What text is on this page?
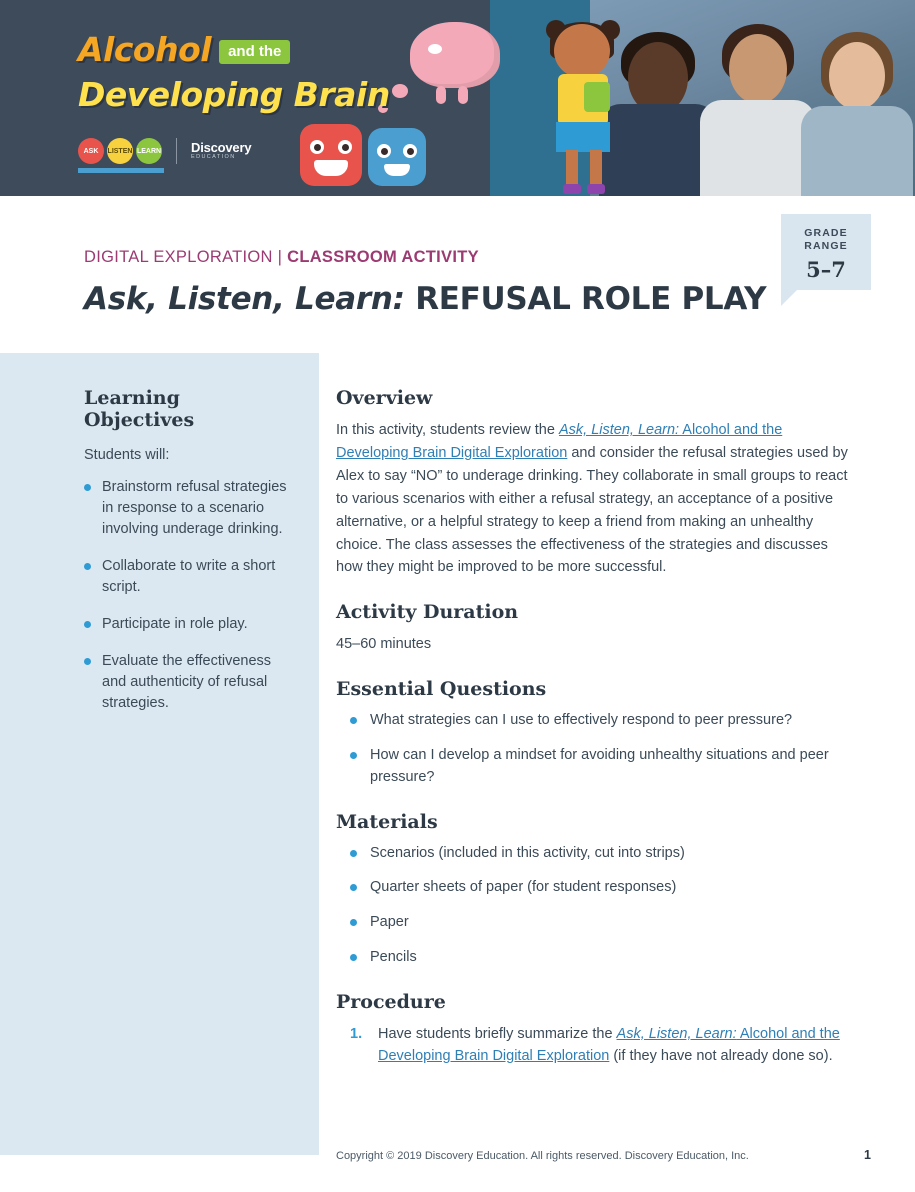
Alcohol	and the
Developing Brain
ASK	LISTEN LEARN Discovery
EDUCATION
DIGITAL EXPLORATION | CLASSROOM ACTIVITY
Ask, Listen, Learn: REFUSAL ROLE PLAY
GRADE
RANGE
5–7
Learning Objectives
Students will:
Brainstorm refusal strategies in response to a scenario involving underage drinking.
Collaborate to write a short script.
Participate in role play.
Evaluate the effectiveness and authenticity of refusal strategies.
Overview

In this activity, students review the Ask, Listen, Learn: Alcohol and the Developing Brain Digital Exploration and consider the refusal strategies used by Alex to say “NO” to underage drinking. They collaborate in small groups to react to various scenarios with either a refusal strategy, an acceptance of a positive alternative, or a helpful strategy to keep a friend from making an unhealthy choice. The class assesses the effectiveness of the strategies and discusses how they might be improved to be more successful.

Activity Duration

45–60 minutes

Essential Questions
What strategies can I use to effectively respond to peer pressure?
How can I develop a mindset for avoiding unhealthy situations and peer pressure?
Materials
Scenarios (included in this activity, cut into strips)
Quarter sheets of paper (for student responses)
Paper
Pencils
Procedure
Have students briefly summarize the Ask, Listen, Learn: Alcohol and the Developing Brain Digital Exploration (if they have not already done so).
Copyright © 2019 Discovery Education. All rights reserved. Discovery Education, Inc.	1
